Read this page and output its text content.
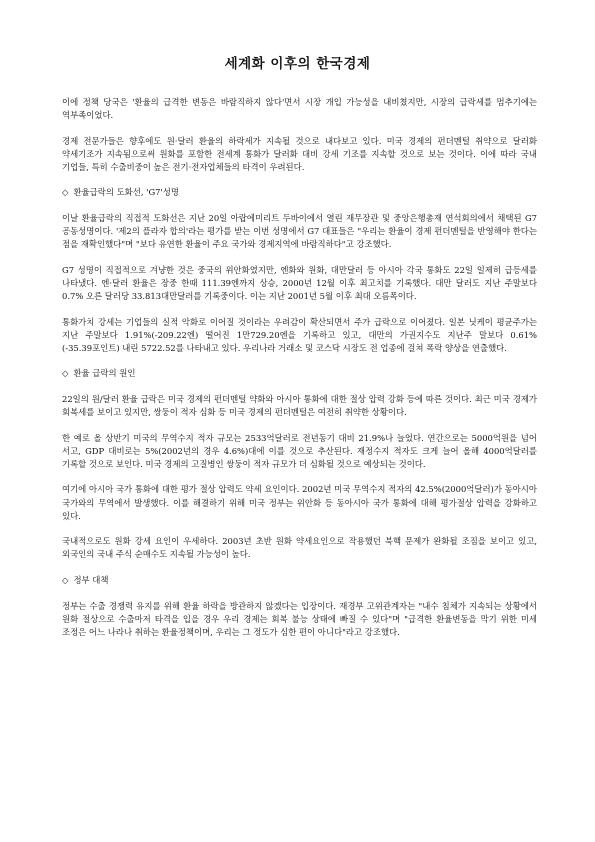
세계화 이후의 한국경제

이에 정책 당국은 '환율의 급격한 변동은 바람직하지 않다'면서 시장 개입 가능성을 내비쳤지만, 시장의 급락세를 멈추기에는 역부족이었다.

경제 전문가들은 향후에도 원·달러 환율의 하락세가 지속될 것으로 내다보고 있다. 미국 경제의 펀더멘털 취약으로 달러화 약세기조가 지속됨으로써 원화를 포함한 전세계 통화가 달러화 대비 강세 기조를 지속할 것으로 보는 것이다. 이에 따라 국내 기업들, 특히 수출비중이 높은 전기·전자업체들의 타격이 우려된다.

◇ 환율급락의 도화선, 'G7'성명

이날 환율급락의 직접적 도화선은 지난 20일 아랍에미리트 두바이에서 열린 재무장관 및 중앙은행총재 연석회의에서 채택된 G7 공동성명이다. '제2의 플라자 합의'라는 평가를 받는 이번 성명에서 G7 대표들은 "우리는 환율이 경제 펀더멘털을 반영해야 한다는 점을 재확인했다"며 "보다 유연한 환율이 주요 국가와 경제지역에 바람직하다"고 강조했다.

G7 성명이 직접적으로 겨냥한 것은 중국의 위안화였지만, 엔화와 원화, 대만달러 등 아시아 각국 통화도 22일 일제히 급등세를 나타냈다. 엔·달러 환율은 장중 한때 111.39엔까지 상승, 2000년 12월 이후 최고치를 기록했다. 대만 달러도 지난 주말보다 0.7% 오른 달러당 33.813대만달러를 기록중이다. 이는 지난 2001년 5월 이후 최대 오름폭이다.

통화가치 강세는 기업들의 실적 악화로 이어질 것이라는 우려감이 확산되면서 주가 급락으로 이어졌다. 일본 닛케이 평균주가는 지난 주말보다 1.91%(-209.22엔) 떨어진 1만729.20엔을 기록하고 있고, 대만의 가권지수도 지난주 말보다 0.61%(-35.39포인트) 내린 5722.52를 나타내고 있다. 우리나라 거래소 및 코스닥 시장도 전 업종에 걸쳐 폭락 양상을 연출했다.

◇ 환율 급락의 원인

22일의 원/달러 환율 급락은 미국 경제의 펀더멘털 약화와 아시아 통화에 대한 절상 압력 강화 등에 따른 것이다. 최근 미국 경제가 회복세를 보이고 있지만, 쌍둥이 적자 심화 등 미국 경제의 펀더멘털은 여전히 취약한 상황이다.

한 예로 올 상반기 미국의 무역수지 적자 규모는 2533억달러로 전년동기 대비 21.9%나 늘었다. 연간으로는 5000억원을 넘어 서고, GDP 대비로는 5%(2002년의 경우 4.6%)대에 이를 것으로 추산된다. 재정수지 적자도 크게 늘어 올해 4000억달러를 기록할 것으로 보인다. 미국 경제의 고질병인 쌍둥이 적자 규모가 더 심화될 것으로 예상되는 것이다.

여기에 아시아 국가 통화에 대한 평가 절상 압력도 약세 요인이다. 2002년 미국 무역수지 적자의 42.5%(2000억달러)가 동아시아 국가와의 무역에서 발생했다. 이를 해결하기 위해 미국 정부는 위안화 등 동아시아 국가 통화에 대해 평가절상 압력을 강화하고 있다.

국내적으로도 원화 강세 요인이 우세하다. 2003년 초반 원화 약세요인으로 작용했던 북핵 문제가 완화될 조짐을 보이고 있고, 외국인의 국내 주식 순매수도 지속될 가능성이 높다.

◇ 정부 대책

정부는 수출 경쟁력 유지를 위해 환율 하락을 방관하지 않겠다는 입장이다. 재경부 고위관계자는 "내수 침체가 지속되는 상황에서 원화 절상으로 수출마저 타격을 입을 경우 우리 경제는 회복 불능 상태에 빠질 수 있다"며 "급격한 환율변동을 막기 위한 미세 조정은 어느 나라나 취하는 환율정책이며, 우리는 그 정도가 심한 편이 아니다"라고 강조했다.
